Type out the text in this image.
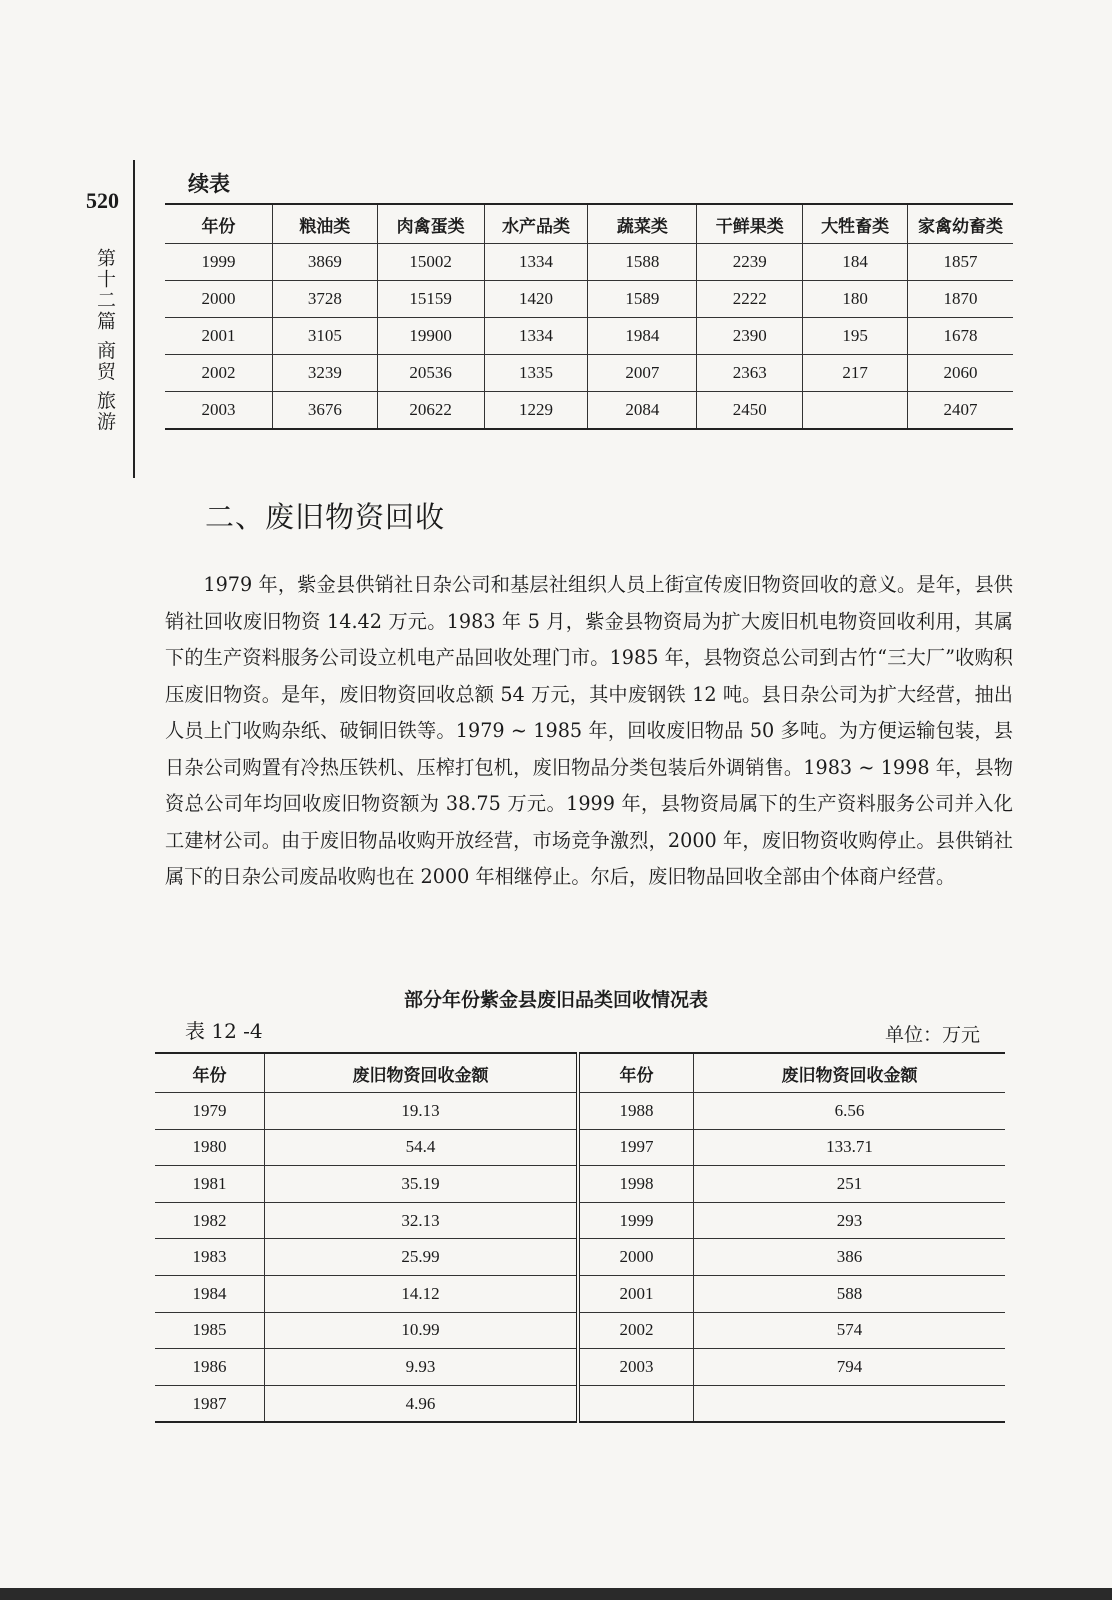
520
第十二篇 商贸 旅游
续表
年份	粮油类	肉禽蛋类	水产品类	蔬菜类	干鲜果类	大牲畜类	家禽幼畜类
1999	3869	15002	1334	1588	2239	184	1857
2000	3728	15159	1420	1589	2222	180	1870
2001	3105	19900	1334	1984	2390	195	1678
2002	3239	20536	1335	2007	2363	217	2060
2003	3676	20622	1229	2084	2450		2407
二、废旧物资回收

1979 年，紫金县供销社日杂公司和基层社组织人员上街宣传废旧物资回收的意义。是年，县供销社回收废旧物资 14.42 万元。1983 年 5 月，紫金县物资局为扩大废旧机电物资回收利用，其属下的生产资料服务公司设立机电产品回收处理门市。1985 年，县物资总公司到古竹“三大厂”收购积压废旧物资。是年，废旧物资回收总额 54 万元，其中废钢铁 12 吨。县日杂公司为扩大经营，抽出人员上门收购杂纸、破铜旧铁等。1979 ~ 1985 年，回收废旧物品 50 多吨。为方便运输包装，县日杂公司购置有冷热压铁机、压榨打包机，废旧物品分类包装后外调销售。1983 ~ 1998 年，县物资总公司年均回收废旧物资额为 38.75 万元。1999 年，县物资局属下的生产资料服务公司并入化工建材公司。由于废旧物品收购开放经营，市场竞争激烈，2000 年，废旧物资收购停止。县供销社属下的日杂公司废品收购也在 2000 年相继停止。尔后，废旧物品回收全部由个体商户经营。

部分年份紫金县废旧品类回收情况表
表 12 -4	单位：万元
年份	废旧物资回收金额	年份	废旧物资回收金额
1979	19.13	1988	6.56
1980	54.4	1997	133.71
1981	35.19	1998	251
1982	32.13	1999	293
1983	25.99	2000	386
1984	14.12	2001	588
1985	10.99	2002	574
1986	9.93	2003	794
1987	4.96		
